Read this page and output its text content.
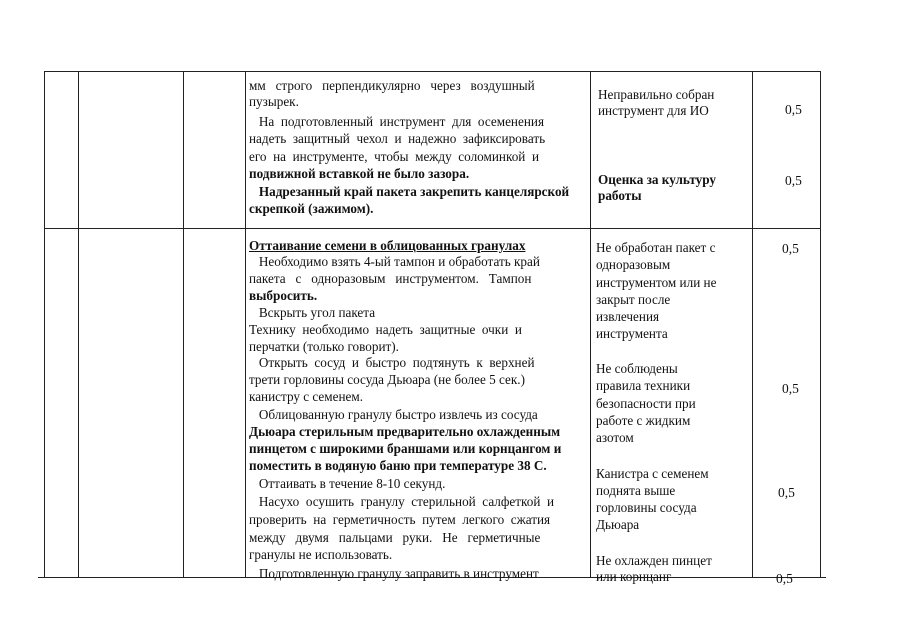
мм   строго   перпендикулярно   через   воздушный
пузырек.
На  подготовленный  инструмент  для  осеменения
надеть  защитный  чехол  и  надежно  зафиксировать
его  на  инструменте,  чтобы  между  соломинкой  и
подвижной вставкой не было зазора.
Надрезанный край пакета закрепить канцелярской
скрепкой (зажимом).
Неправильно собран
инструмент для ИО
Оценка за культуру
работы
0,5
0,5
Оттаивание семени в облицованных гранулах
Необходимо взять 4-ый тампон и обработать край
пакета   с   одноразовым   инструментом.   Тампон
выбросить.
Вскрыть угол пакета
Технику  необходимо  надеть  защитные  очки  и
перчатки (только говорит).
Открыть  сосуд  и  быстро  подтянуть  к  верхней
трети горловины сосуда Дьюара (не более 5 сек.)
канистру с семенем.
Облицованную гранулу быстро извлечь из сосуда
Дьюара стерильным предварительно охлажденным
пинцетом с широкими браншами или корнцангом и
поместить в водяную баню при температуре 38 С.
Оттаивать в течение 8-10 секунд.
Насухо  осушить  гранулу  стерильной  салфеткой  и
проверить  на  герметичность  путем  легкого  сжатия
между   двумя   пальцами   руки.   Не   герметичные
гранулы не использовать.
Подготовленную гранулу заправить в инструмент
Не обработан пакет с
одноразовым
инструментом или не
закрыт после
извлечения
инструмента
Не соблюдены
правила техники
безопасности при
работе с жидким
азотом
Канистра с семенем
поднята выше
горловины сосуда
Дьюара
Не охлажден пинцет
или корнцанг
0,5
0,5
0,5
0,5
